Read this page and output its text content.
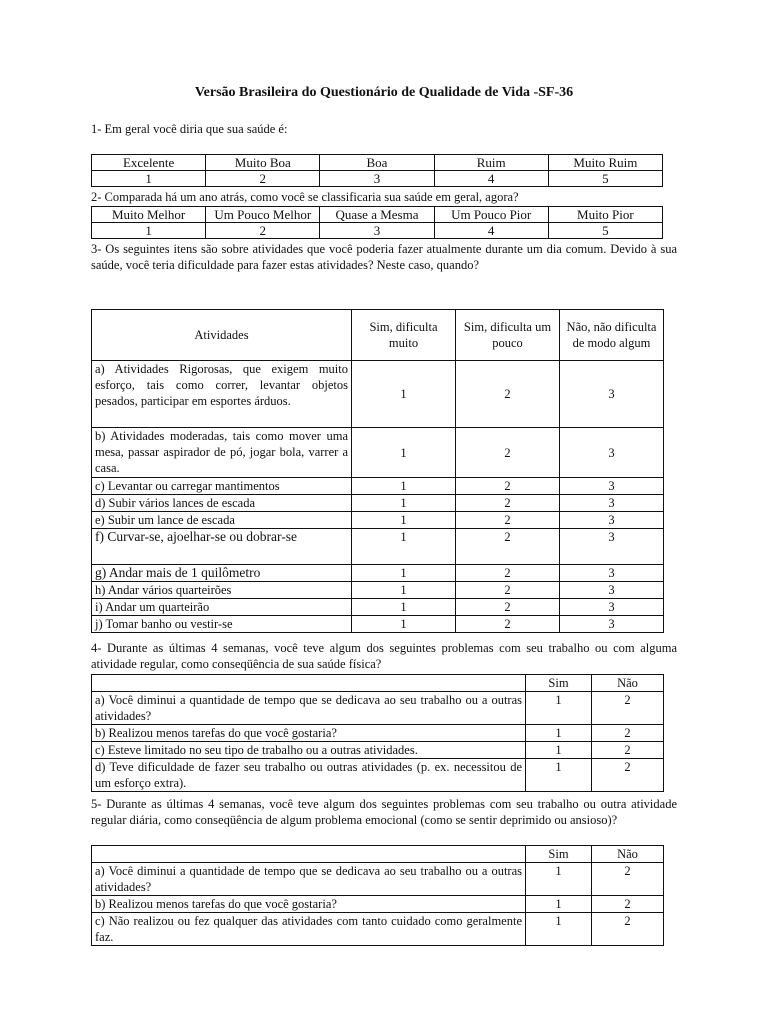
Versão Brasileira do Questionário de Qualidade de Vida -SF-36
1- Em geral você diria que sua saúde é:
Excelente	Muito Boa	Boa	Ruim	Muito Ruim
1	2	3	4	5
2- Comparada há um ano atrás, como você se classificaria sua saúde em geral, agora?
Muito Melhor	Um Pouco Melhor	Quase a Mesma	Um Pouco Pior	Muito Pior
1	2	3	4	5
3- Os seguintes itens são sobre atividades que você poderia fazer atualmente durante um dia comum. Devido à sua saúde, você teria dificuldade para fazer estas atividades? Neste caso, quando?
Atividades	Sim, dificulta muito	Sim, dificulta um pouco	Não, não dificulta de modo algum
a) Atividades Rigorosas, que exigem muito esforço, tais como correr, levantar objetos pesados, participar em esportes árduos.	1	2	3
b) Atividades moderadas, tais como mover uma mesa, passar aspirador de pó, jogar bola, varrer a casa.	1	2	3
c) Levantar ou carregar mantimentos	1	2	3
d) Subir vários lances de escada	1	2	3
e) Subir um lance de escada	1	2	3
f) Curvar-se, ajoelhar-se ou dobrar-se	1	2	3
g) Andar mais de 1 quilômetro	1	2	3
h) Andar vários quarteirões	1	2	3
i) Andar um quarteirão	1	2	3
j) Tomar banho ou vestir-se	1	2	3
4- Durante as últimas 4 semanas, você teve algum dos seguintes problemas com seu trabalho ou com alguma atividade regular, como conseqüência de sua saúde física?
	Sim	Não
a) Você diminui a quantidade de tempo que se dedicava ao seu trabalho ou a outras atividades?	1	2
b) Realizou menos tarefas do que você gostaria?	1	2
c) Esteve limitado no seu tipo de trabalho ou a outras atividades.	1	2
d) Teve dificuldade de fazer seu trabalho ou outras atividades (p. ex. necessitou de um esforço extra).	1	2
5- Durante as últimas 4 semanas, você teve algum dos seguintes problemas com seu trabalho ou outra atividade regular diária, como conseqüência de algum problema emocional (como se sentir deprimido ou ansioso)?
	Sim	Não
a) Você diminui a quantidade de tempo que se dedicava ao seu trabalho ou a outras atividades?	1	2
b) Realizou menos tarefas do que você gostaria?	1	2
c) Não realizou ou fez qualquer das atividades com tanto cuidado como geralmente faz.	1	2
